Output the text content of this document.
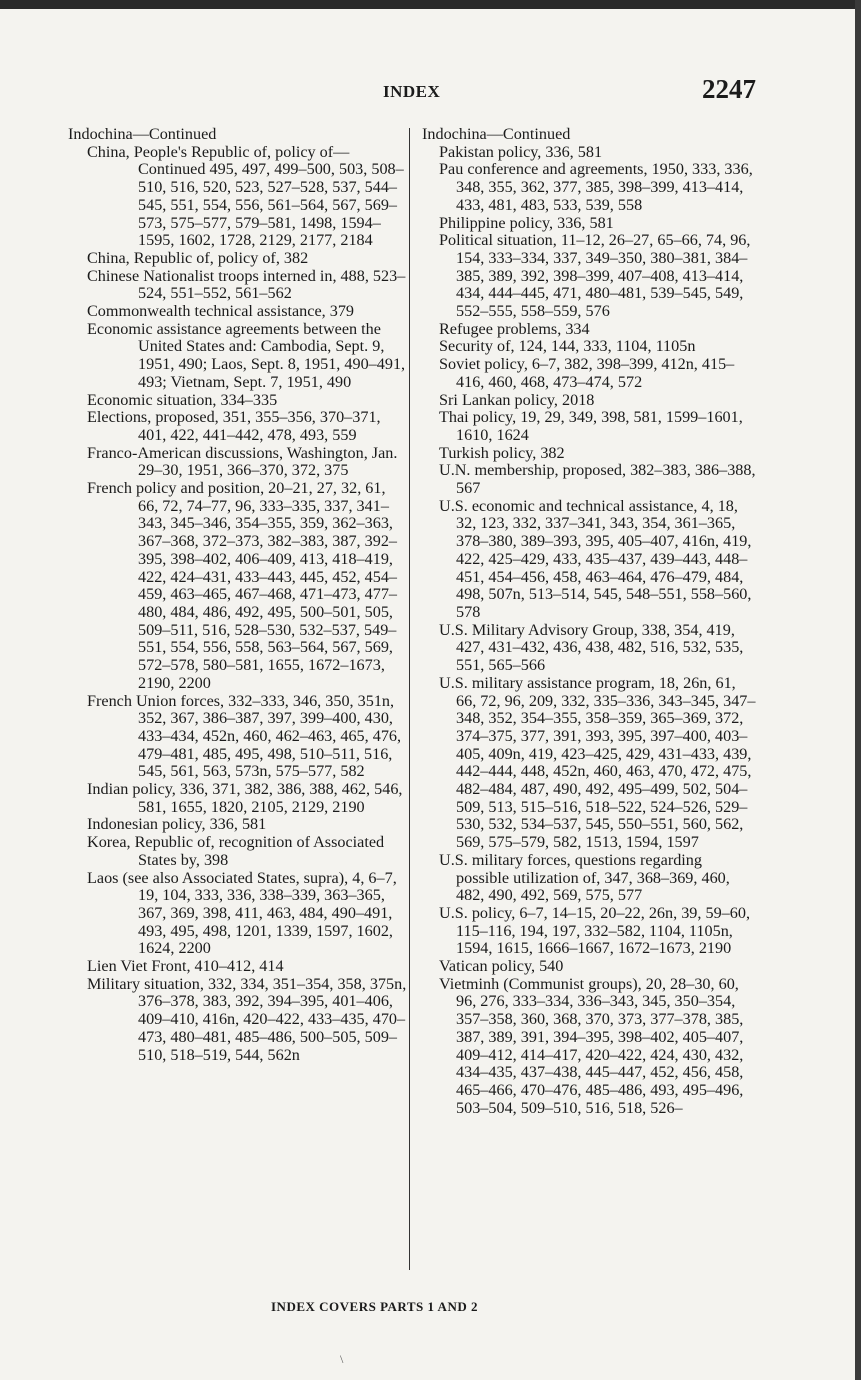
INDEX	2247
Indochina—Continued
China, People's Republic of, policy of—Continued 495, 497, 499–500, 503, 508–510, 516, 520, 523, 527–528, 537, 544–545, 551, 554, 556, 561–564, 567, 569–573, 575–577, 579–581, 1498, 1594–1595, 1602, 1728, 2129, 2177, 2184
China, Republic of, policy of, 382
Chinese Nationalist troops interned in, 488, 523–524, 551–552, 561–562
Commonwealth technical assistance, 379
Economic assistance agreements between the United States and: Cambodia, Sept. 9, 1951, 490; Laos, Sept. 8, 1951, 490–491, 493; Vietnam, Sept. 7, 1951, 490
Economic situation, 334–335
Elections, proposed, 351, 355–356, 370–371, 401, 422, 441–442, 478, 493, 559
Franco-American discussions, Washington, Jan. 29–30, 1951, 366–370, 372, 375
French policy and position, 20–21, 27, 32, 61, 66, 72, 74–77, 96, 333–335, 337, 341–343, 345–346, 354–355, 359, 362–363, 367–368, 372–373, 382–383, 387, 392–395, 398–402, 406–409, 413, 418–419, 422, 424–431, 433–443, 445, 452, 454–459, 463–465, 467–468, 471–473, 477–480, 484, 486, 492, 495, 500–501, 505, 509–511, 516, 528–530, 532–537, 549–551, 554, 556, 558, 563–564, 567, 569, 572–578, 580–581, 1655, 1672–1673, 2190, 2200
French Union forces, 332–333, 346, 350, 351n, 352, 367, 386–387, 397, 399–400, 430, 433–434, 452n, 460, 462–463, 465, 476, 479–481, 485, 495, 498, 510–511, 516, 545, 561, 563, 573n, 575–577, 582
Indian policy, 336, 371, 382, 386, 388, 462, 546, 581, 1655, 1820, 2105, 2129, 2190
Indonesian policy, 336, 581
Korea, Republic of, recognition of Associated States by, 398
Laos (see also Associated States, supra), 4, 6–7, 19, 104, 333, 336, 338–339, 363–365, 367, 369, 398, 411, 463, 484, 490–491, 493, 495, 498, 1201, 1339, 1597, 1602, 1624, 2200
Lien Viet Front, 410–412, 414
Military situation, 332, 334, 351–354, 358, 375n, 376–378, 383, 392, 394–395, 401–406, 409–410, 416n, 420–422, 433–435, 470–473, 480–481, 485–486, 500–505, 509–510, 518–519, 544, 562n
Indochina—Continued
Pakistan policy, 336, 581
Pau conference and agreements, 1950, 333, 336, 348, 355, 362, 377, 385, 398–399, 413–414, 433, 481, 483, 533, 539, 558
Philippine policy, 336, 581
Political situation, 11–12, 26–27, 65–66, 74, 96, 154, 333–334, 337, 349–350, 380–381, 384–385, 389, 392, 398–399, 407–408, 413–414, 434, 444–445, 471, 480–481, 539–545, 549, 552–555, 558–559, 576
Refugee problems, 334
Security of, 124, 144, 333, 1104, 1105n
Soviet policy, 6–7, 382, 398–399, 412n, 415–416, 460, 468, 473–474, 572
Sri Lankan policy, 2018
Thai policy, 19, 29, 349, 398, 581, 1599–1601, 1610, 1624
Turkish policy, 382
U.N. membership, proposed, 382–383, 386–388, 567
U.S. economic and technical assistance, 4, 18, 32, 123, 332, 337–341, 343, 354, 361–365, 378–380, 389–393, 395, 405–407, 416n, 419, 422, 425–429, 433, 435–437, 439–443, 448–451, 454–456, 458, 463–464, 476–479, 484, 498, 507n, 513–514, 545, 548–551, 558–560, 578
U.S. Military Advisory Group, 338, 354, 419, 427, 431–432, 436, 438, 482, 516, 532, 535, 551, 565–566
U.S. military assistance program, 18, 26n, 61, 66, 72, 96, 209, 332, 335–336, 343–345, 347–348, 352, 354–355, 358–359, 365–369, 372, 374–375, 377, 391, 393, 395, 397–400, 403–405, 409n, 419, 423–425, 429, 431–433, 439, 442–444, 448, 452n, 460, 463, 470, 472, 475, 482–484, 487, 490, 492, 495–499, 502, 504–509, 513, 515–516, 518–522, 524–526, 529–530, 532, 534–537, 545, 550–551, 560, 562, 569, 575–579, 582, 1513, 1594, 1597
U.S. military forces, questions regarding possible utilization of, 347, 368–369, 460, 482, 490, 492, 569, 575, 577
U.S. policy, 6–7, 14–15, 20–22, 26n, 39, 59–60, 115–116, 194, 197, 332–582, 1104, 1105n, 1594, 1615, 1666–1667, 1672–1673, 2190
Vatican policy, 540
Vietminh (Communist groups), 20, 28–30, 60, 96, 276, 333–334, 336–343, 345, 350–354, 357–358, 360, 368, 370, 373, 377–378, 385, 387, 389, 391, 394–395, 398–402, 405–407, 409–412, 414–417, 420–422, 424, 430, 432, 434–435, 437–438, 445–447, 452, 456, 458, 465–466, 470–476, 485–486, 493, 495–496, 503–504, 509–510, 516, 518, 526–
INDEX COVERS PARTS 1 AND 2
\
